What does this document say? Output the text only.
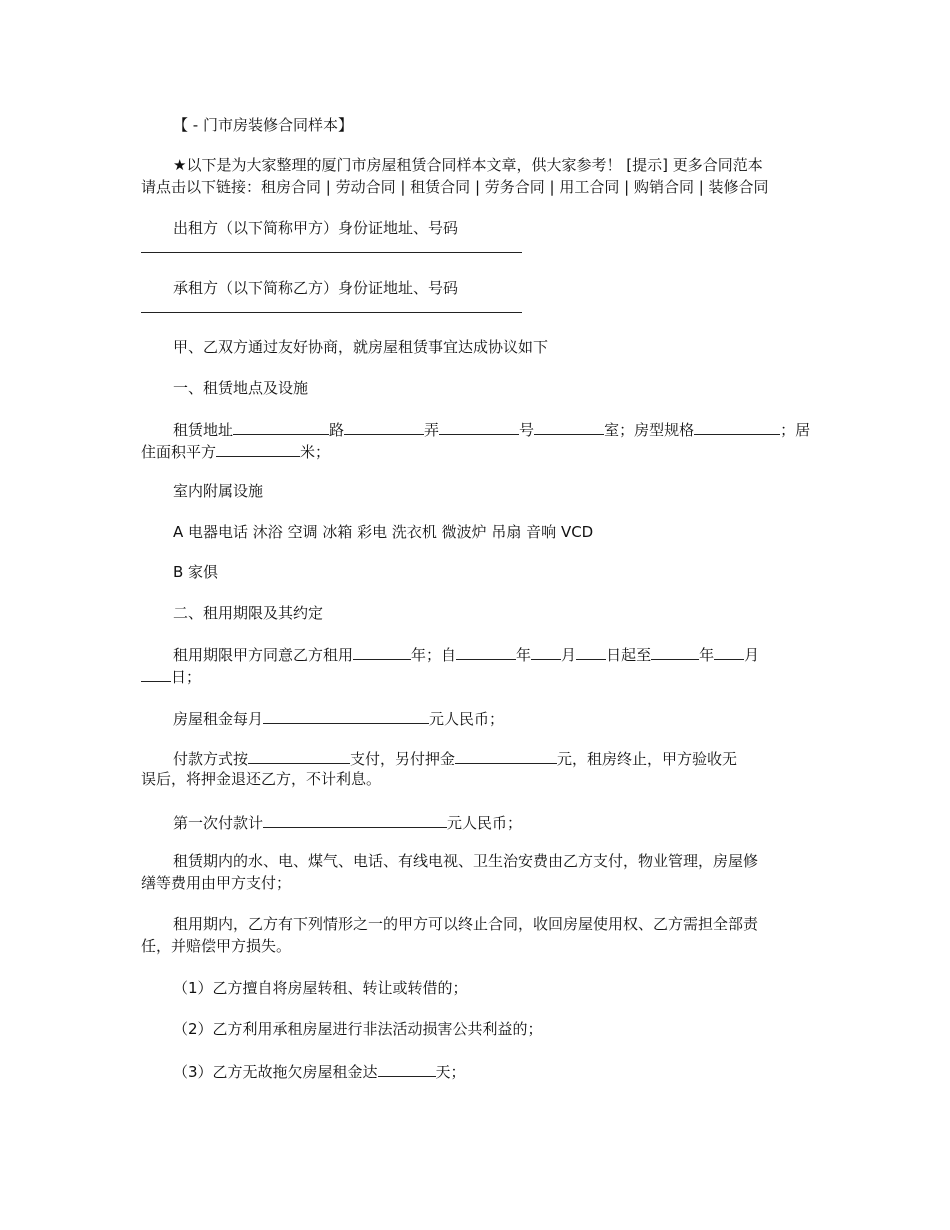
【 - 门市房装修合同样本】
★以下是为大家整理的厦门市房屋租赁合同样本文章，供大家参考！ [提示] 更多合同范本
请点击以下链接：租房合同 | 劳动合同 | 租赁合同 | 劳务合同 | 用工合同 | 购销合同 | 装修合同
出租方（以下简称甲方）身份证地址、号码
承租方（以下简称乙方）身份证地址、号码
甲、乙双方通过友好协商，就房屋租赁事宜达成协议如下
一、租赁地点及设施
租赁地址	路	弄	号	室；房型规格	；居
住面积平方	米；
室内附属设施
A 电器电话 沐浴 空调 冰箱 彩电 洗衣机 微波炉 吊扇 音响 VCD
B 家俱
二、租用期限及其约定
租用期限甲方同意乙方租用	年；自	年 月 日起至	年 月
日；
房屋租金每月	元人民币；
付款方式按	支付，另付押金	元，租房终止，甲方验收无
误后，将押金退还乙方，不计利息。
第一次付款计	元人民币；
租赁期内的水、电、煤气、电话、有线电视、卫生治安费由乙方支付，物业管理，房屋修
缮等费用由甲方支付；
租用期内，乙方有下列情形之一的甲方可以终止合同，收回房屋使用权、乙方需担全部责
任，并赔偿甲方损失。
（1）乙方擅自将房屋转租、转让或转借的；
（2）乙方利用承租房屋进行非法活动损害公共利益的；
（3）乙方无故拖欠房屋租金达	天；
